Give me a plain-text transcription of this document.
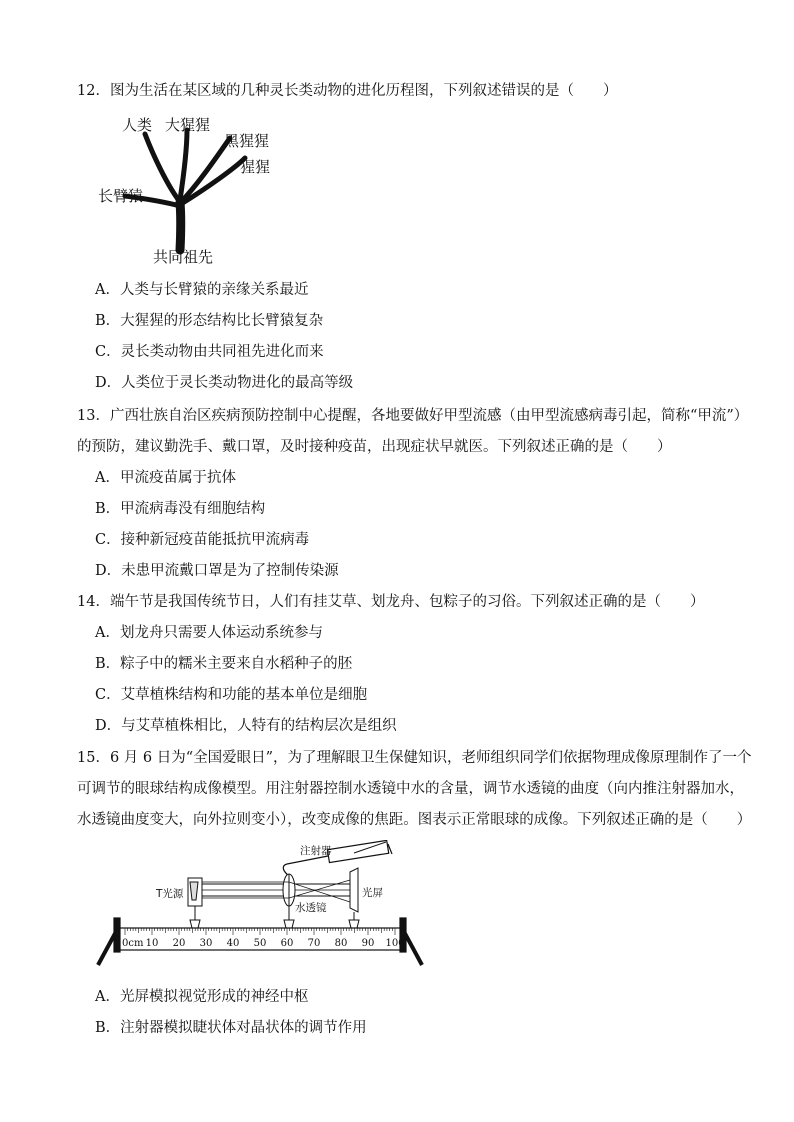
12．图为生活在某区域的几种灵长类动物的进化历程图，下列叙述错误的是（　　）
人类 大猩猩
黑猩猩
猩猩
长臂猿
共同祖先
A．人类与长臂猿的亲缘关系最近
B．大猩猩的形态结构比长臂猿复杂
C．灵长类动物由共同祖先进化而来
D．人类位于灵长类动物进化的最高等级
13．广西壮族自治区疾病预防控制中心提醒，各地要做好甲型流感（由甲型流感病毒引起，简称“甲流”）
的预防，建议勤洗手、戴口罩，及时接种疫苗，出现症状早就医。下列叙述正确的是（　　）
A．甲流疫苗属于抗体
B．甲流病毒没有细胞结构
C．接种新冠疫苗能抵抗甲流病毒
D．未患甲流戴口罩是为了控制传染源
14．端午节是我国传统节日，人们有挂艾草、划龙舟、包粽子的习俗。下列叙述正确的是（　　）
A．划龙舟只需要人体运动系统参与
B．粽子中的糯米主要来自水稻种子的胚
C．艾草植株结构和功能的基本单位是细胞
D．与艾草植株相比，人特有的结构层次是组织
15．6 月 6 日为“全国爱眼日”，为了理解眼卫生保健知识，老师组织同学们依据物理成像原理制作了一个
可调节的眼球结构成像模型。用注射器控制水透镜中水的含量，调节水透镜的曲度（向内推注射器加水，
水透镜曲度变大，向外拉则变小），改变成像的焦距。图表示正常眼球的成像。下列叙述正确的是（　　）
注射器
T光源
水透镜
光屏
0cm 10 20 30 40 50 60 70 80 90 100
A．光屏模拟视觉形成的神经中枢
B．注射器模拟睫状体对晶状体的调节作用
